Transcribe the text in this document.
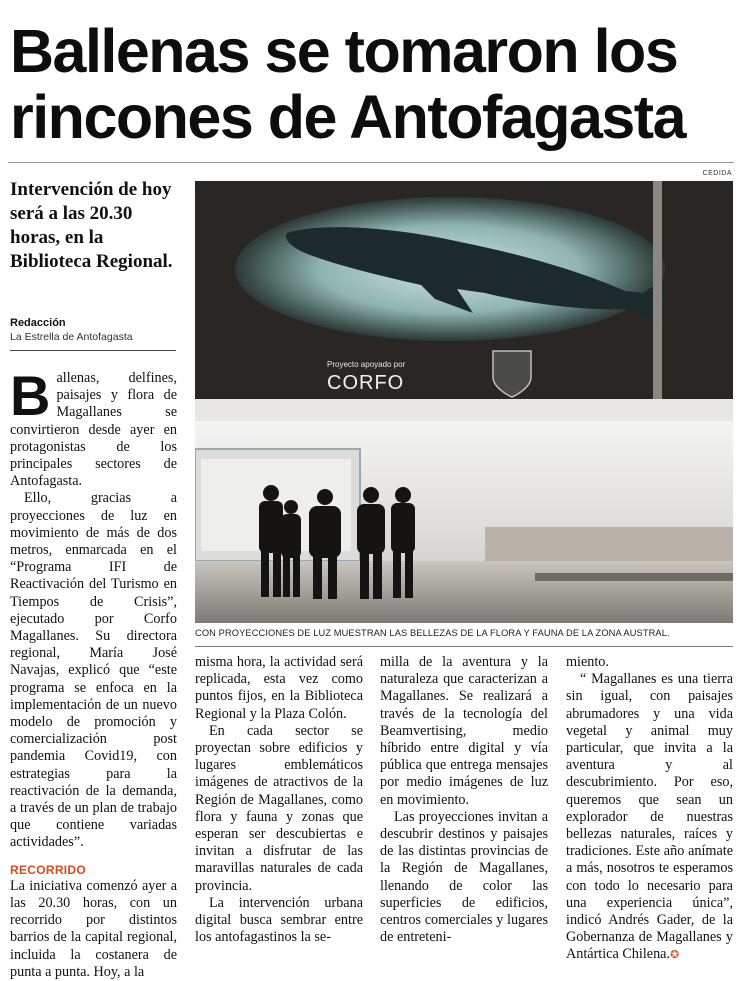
Ballenas se tomaron los
rincones de Antofagasta
CEDIDA
Intervención de hoy será a las 20.30 horas, en la Biblioteca Regional.
Redacción
La Estrella de Antofagasta
Proyecto apoyado por
CORFO
CON PROYECCIONES DE LUZ MUESTRAN LAS BELLEZAS DE LA FLORA Y FAUNA DE LA ZONA AUSTRAL.

Ballenas, delfines, paisajes y flora de Magallanes se convirtieron desde ayer en protagonistas de los principales sectores de Antofagasta.

Ello, gracias a proyecciones de luz en movimiento de más de dos metros, enmarcada en el “Programa IFI de Reactivación del Turismo en Tiempos de Crisis”, ejecutado por Corfo Magallanes. Su directora regional, María José Navajas, explicó que “este programa se enfoca en la implementación de un nuevo modelo de promoción y comercialización post pandemia Covid19, con estrategias para la reactivación de la demanda, a través de un plan de trabajo que contiene variadas actividades”.

RECORRIDO

La iniciativa comenzó ayer a las 20.30 horas, con un recorrido por distintos barrios de la capital regional, incluida la costanera de punta a punta. Hoy, a la

misma hora, la actividad será replicada, esta vez como puntos fijos, en la Biblioteca Regional y la Plaza Colón.

En cada sector se proyectan sobre edificios y lugares emblemáticos imágenes de atractivos de la Región de Magallanes, como flora y fauna y zonas que esperan ser descubiertas e invitan a disfrutar de las maravillas naturales de cada provincia.

La intervención urbana digital busca sembrar entre los antofagastinos la se-

milla de la aventura y la naturaleza que caracterizan a Magallanes. Se realizará a través de la tecnología del Beamvertising, medio híbrido entre digital y vía pública que entrega mensajes por medio imágenes de luz en movimiento.

Las proyecciones invitan a descubrir destinos y paisajes de las distintas provincias de la Región de Magallanes, llenando de color las superficies de edificios, centros comerciales y lugares de entreteni-

miento.

“ Magallanes es una tierra sin igual, con paisajes abrumadores y una vida vegetal y animal muy particular, que invita a la aventura y al descubrimiento. Por eso, queremos que sean un explorador de nuestras bellezas naturales, raíces y tradiciones. Este año anímate a más, nosotros te esperamos con todo lo necesario para una experiencia única”, indicó Andrés Gader, de la Gobernanza de Magallanes y Antártica Chilena.✪
